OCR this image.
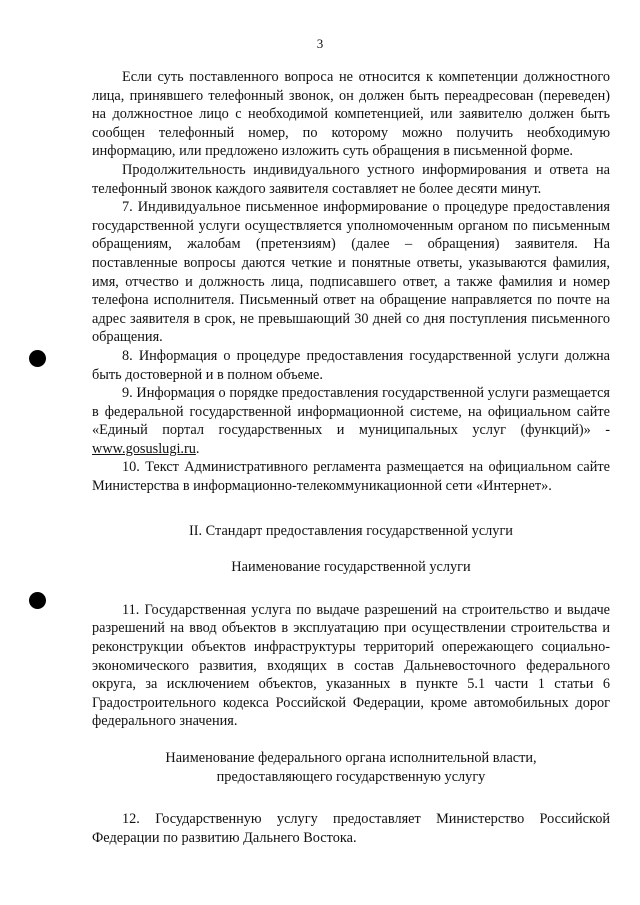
3

Если суть поставленного вопроса не относится к компетенции должностного лица, принявшего телефонный звонок, он должен быть переадресован (переведен) на должностное лицо с необходимой компетенцией, или заявителю должен быть сообщен телефонный номер, по которому можно получить необходимую информацию, или предложено изложить суть обращения в письменной форме.

Продолжительность индивидуального устного информирования и ответа на телефонный звонок каждого заявителя составляет не более десяти минут.

7. Индивидуальное письменное информирование о процедуре предоставления государственной услуги осуществляется уполномоченным органом по письменным обращениям, жалобам (претензиям) (далее – обращения) заявителя. На поставленные вопросы даются четкие и понятные ответы, указываются фамилия, имя, отчество и должность лица, подписавшего ответ, а также фамилия и номер телефона исполнителя. Письменный ответ на обращение направляется по почте на адрес заявителя в срок, не превышающий 30 дней со дня поступления письменного обращения.

8. Информация о процедуре предоставления государственной услуги должна быть достоверной и в полном объеме.

9. Информация о порядке предоставления государственной услуги размещается в федеральной государственной информационной системе, на официальном сайте «Единый портал государственных и муниципальных услуг (функций)» - www.gosuslugi.ru.

10. Текст Административного регламента размещается на официальном сайте Министерства в информационно-телекоммуникационной сети «Интернет».

II. Стандарт предоставления государственной услуги

Наименование государственной услуги

11. Государственная услуга по выдаче разрешений на строительство и выдаче разрешений на ввод объектов в эксплуатацию при осуществлении строительства и реконструкции объектов инфраструктуры территорий опережающего социально-экономического развития, входящих в состав Дальневосточного федерального округа, за исключением объектов, указанных в пункте 5.1 части 1 статьи 6 Градостроительного кодекса Российской Федерации, кроме автомобильных дорог федерального значения.

Наименование федерального органа исполнительной власти,

предоставляющего государственную услугу

12. Государственную услугу предоставляет Министерство Российской Федерации по развитию Дальнего Востока.
